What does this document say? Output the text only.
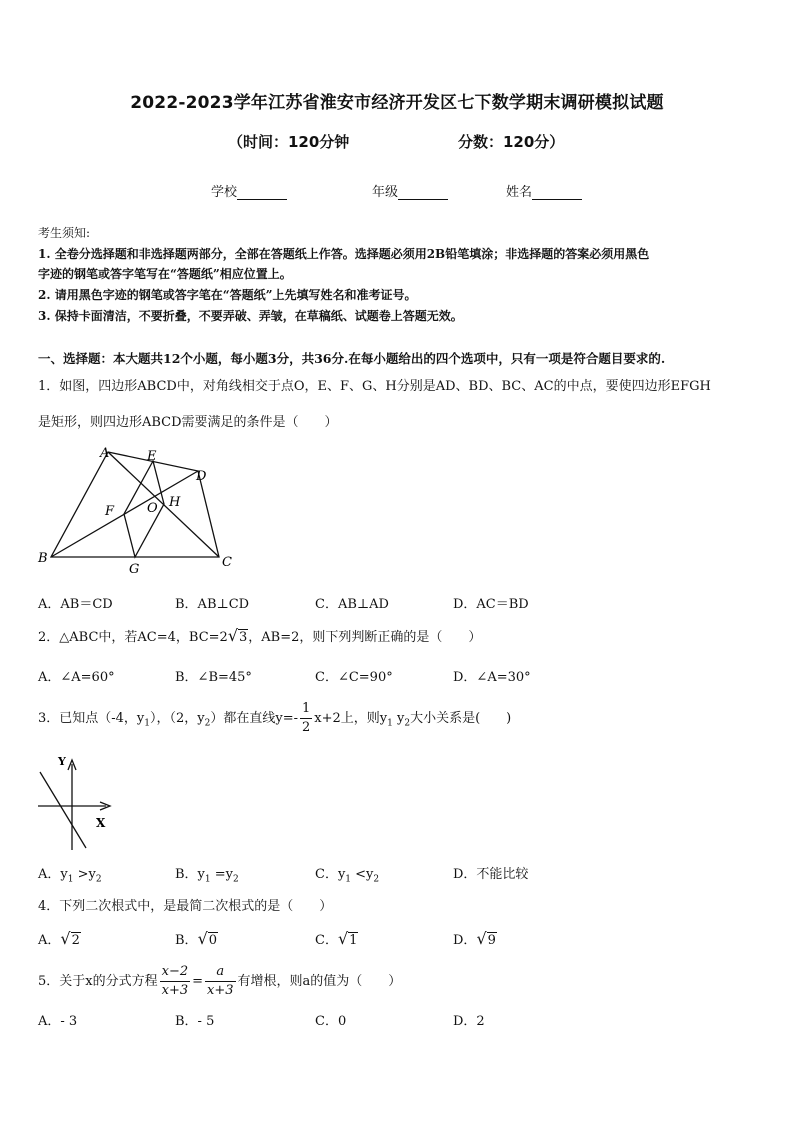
2022-2023学年江苏省淮安市经济开发区七下数学期末调研模拟试题
（时间：120分钟	分数：120分）
学校	年级	姓名
考生须知:
1. 全卷分选择题和非选择题两部分，全部在答题纸上作答。选择题必须用2B铅笔填涂；非选择题的答案必须用黑色
字迹的钢笔或答字笔写在“答题纸”相应位置上。
2. 请用黑色字迹的钢笔或答字笔在“答题纸”上先填写姓名和准考证号。
3. 保持卡面清洁，不要折叠，不要弄破、弄皱，在草稿纸、试题卷上答题无效。
一、选择题：本大题共12个小题，每小题3分，共36分.在每小题给出的四个选项中，只有一项是符合题目要求的.
1．如图，四边形ABCD中，对角线相交于点O，E、F、G、H分别是AD、BD、BC、AC的中点，要使四边形EFGH
是矩形，则四边形ABCD需要满足的条件是（　　）
A	E
D
F	O H
B
G	C
A．AB＝CD	B．AB⊥CD	C．AB⊥AD	D．AC＝BD
2．△ABC中，若AC=4，BC=2√3，AB=2，则下列判断正确的是（　　）
A．∠A=60°	B．∠B=45°	C．∠C=90°	D．∠A=30°
3．已知点（-4，$y_1$），（2，$y_2$）都在直线$y=- \frac{1}{2} x+2$上，则$y_1$ $y_2$大小关系是(　　)
Y
X
A．$y_1 >y_2$	B．$y_1 =y_2$	C．$y_1 <y_2$	D．不能比较
4．下列二次根式中，是最简二次根式的是（　　）
A．√2	B．√0	C．√1	D．√9
5．关于x的分式方程 $\frac{x-2}{x+3} = \frac{a}{x+3}$ 有增根，则a的值为（　　）
A．- 3	B．- 5	C．0	D．2
